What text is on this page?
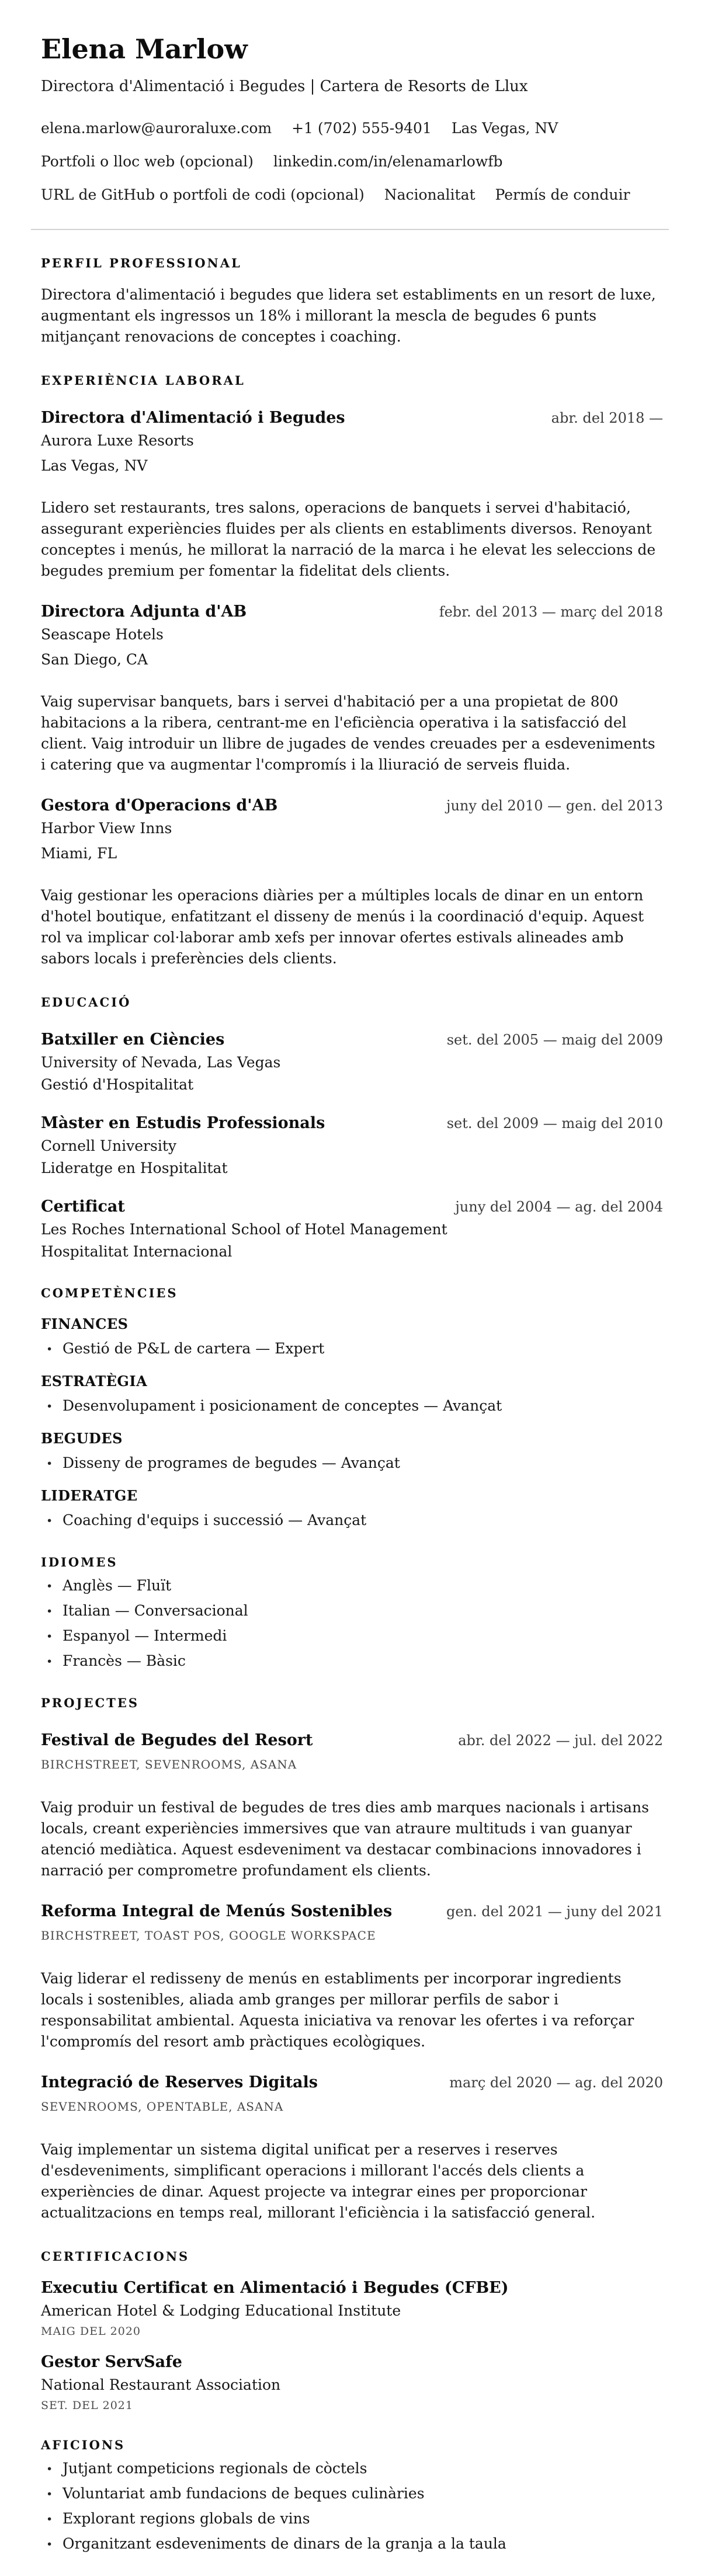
Elena Marlow
Directora d'Alimentació i Begudes | Cartera de Resorts de Llux
elena.marlow@auroraluxe.com +1 (702) 555-9401 Las Vegas, NV
Portfoli o lloc web (opcional) linkedin.com/in/elenamarlowfb
URL de GitHub o portfoli de codi (opcional) Nacionalitat Permís de conduir
PERFIL PROFESSIONAL

Directora d'alimentació i begudes que lidera set establiments en un resort de luxe, augmentant els ingressos un 18% i millorant la mescla de begudes 6 punts mitjançant renovacions de conceptes i coaching.

EXPERIÈNCIA LABORAL
Directora d'Alimentació i Begudes	abr. del 2018 —
Aurora Luxe Resorts
Las Vegas, NV

Lidero set restaurants, tres salons, operacions de banquets i servei d'habitació, assegurant experiències fluides per als clients en establiments diversos. Renoyant conceptes i menús, he millorat la narració de la marca i he elevat les seleccions de begudes premium per fomentar la fidelitat dels clients.

Directora Adjunta d'AB	febr. del 2013 — març del 2018
Seascape Hotels
San Diego, CA

Vaig supervisar banquets, bars i servei d'habitació per a una propietat de 800 habitacions a la ribera, centrant-me en l'eficiència operativa i la satisfacció del client. Vaig introduir un llibre de jugades de vendes creuades per a esdeveniments i catering que va augmentar l'compromís i la lliuració de serveis fluida.

Gestora d'Operacions d'AB	juny del 2010 — gen. del 2013
Harbor View Inns
Miami, FL

Vaig gestionar les operacions diàries per a múltiples locals de dinar en un entorn d'hotel boutique, enfatitzant el disseny de menús i la coordinació d'equip. Aquest rol va implicar col·laborar amb xefs per innovar ofertes estivals alineades amb sabors locals i preferències dels clients.

EDUCACIÓ
Batxiller en Ciències	set. del 2005 — maig del 2009
University of Nevada, Las Vegas
Gestió d'Hospitalitat
Màster en Estudis Professionals	set. del 2009 — maig del 2010
Cornell University
Lideratge en Hospitalitat
Certificat	juny del 2004 — ag. del 2004
Les Roches International School of Hotel Management
Hospitalitat Internacional
COMPETÈNCIES
FINANCES
• Gestió de P&L de cartera — Expert
ESTRATÈGIA
• Desenvolupament i posicionament de conceptes — Avançat
BEGUDES
• Disseny de programes de begudes — Avançat
LIDERATGE
• Coaching d'equips i successió — Avançat
IDIOMES
• Anglès — Fluït
• Italian — Conversacional
• Espanyol — Intermedi
• Francès — Bàsic
PROJECTES
Festival de Begudes del Resort	abr. del 2022 — jul. del 2022
BIRCHSTREET, SEVENROOMS, ASANA

Vaig produir un festival de begudes de tres dies amb marques nacionals i artisans locals, creant experiències immersives que van atraure multituds i van guanyar atenció mediàtica. Aquest esdeveniment va destacar combinacions innovadores i narració per comprometre profundament els clients.

Reforma Integral de Menús Sostenibles	gen. del 2021 — juny del 2021
BIRCHSTREET, TOAST POS, GOOGLE WORKSPACE

Vaig liderar el redisseny de menús en establiments per incorporar ingredients locals i sostenibles, aliada amb granges per millorar perfils de sabor i responsabilitat ambiental. Aquesta iniciativa va renovar les ofertes i va reforçar l'compromís del resort amb pràctiques ecològiques.

Integració de Reserves Digitals	març del 2020 — ag. del 2020
SEVENROOMS, OPENTABLE, ASANA

Vaig implementar un sistema digital unificat per a reserves i reserves d'esdeveniments, simplificant operacions i millorant l'accés dels clients a experiències de dinar. Aquest projecte va integrar eines per proporcionar actualitzacions en temps real, millorant l'eficiència i la satisfacció general.

CERTIFICACIONS
Executiu Certificat en Alimentació i Begudes (CFBE)
American Hotel & Lodging Educational Institute
MAIG DEL 2020
Gestor ServSafe
National Restaurant Association
SET. DEL 2021
AFICIONS
• Jutjant competicions regionals de còctels
• Voluntariat amb fundacions de beques culinàries
• Explorant regions globals de vins
• Organitzant esdeveniments de dinars de la granja a la taula
